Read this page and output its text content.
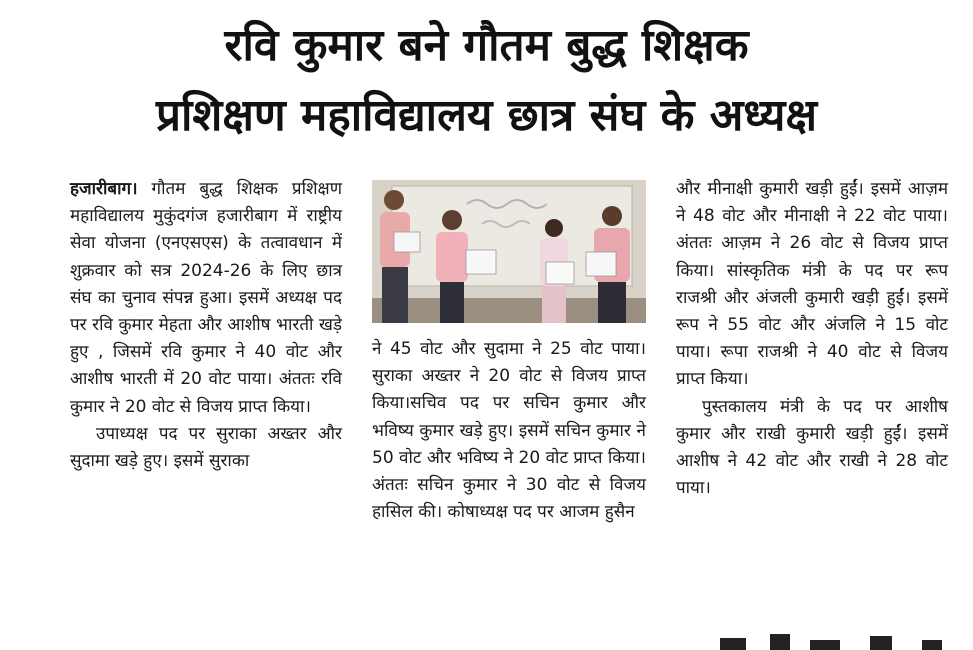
रवि कुमार बने गौतम बुद्ध शिक्षक
प्रशिक्षण महाविद्यालय छात्र संघ के अध्यक्ष

हजारीबाग। गौतम बुद्ध शिक्षक प्रशिक्षण महाविद्यालय मुकुंदगंज हजारीबाग में राष्ट्रीय सेवा योजना (एनएसएस) के तत्वावधान में शुक्रवार को सत्र 2024-26 के लिए छात्र संघ का चुनाव संपन्न हुआ। इसमें अध्यक्ष पद पर रवि कुमार मेहता और आशीष भारती खड़े हुए , जिसमें रवि कुमार ने 40 वोट और आशीष भारती में 20 वोट पाया। अंततः रवि कुमार ने 20 वोट से विजय प्राप्त किया।

उपाध्यक्ष पद पर सुराका अख्तर और सुदामा खड़े हुए। इसमें सुराका

ने 45 वोट और सुदामा ने 25 वोट पाया। सुराका अख्तर ने 20 वोट से विजय प्राप्त किया।सचिव पद पर सचिन कुमार और भविष्य कुमार खड़े हुए। इसमें सचिन कुमार ने 50 वोट और भविष्य ने 20 वोट प्राप्त किया। अंततः सचिन कुमार ने 30 वोट से विजय हासिल की। कोषाध्यक्ष पद पर आजम हुसैन

और मीनाक्षी कुमारी खड़ी हुईं। इसमें आज़म ने 48 वोट और मीनाक्षी ने 22 वोट पाया। अंततः आज़म ने 26 वोट से विजय प्राप्त किया। सांस्कृतिक मंत्री के पद पर रूप राजश्री और अंजली कुमारी खड़ी हुईं। इसमें रूप ने 55 वोट और अंजलि ने 15 वोट पाया। रूपा राजश्री ने 40 वोट से विजय प्राप्त किया।

पुस्तकालय मंत्री के पद पर आशीष कुमार और राखी कुमारी खड़ी हुईं। इसमें आशीष ने 42 वोट और राखी ने 28 वोट पाया।
